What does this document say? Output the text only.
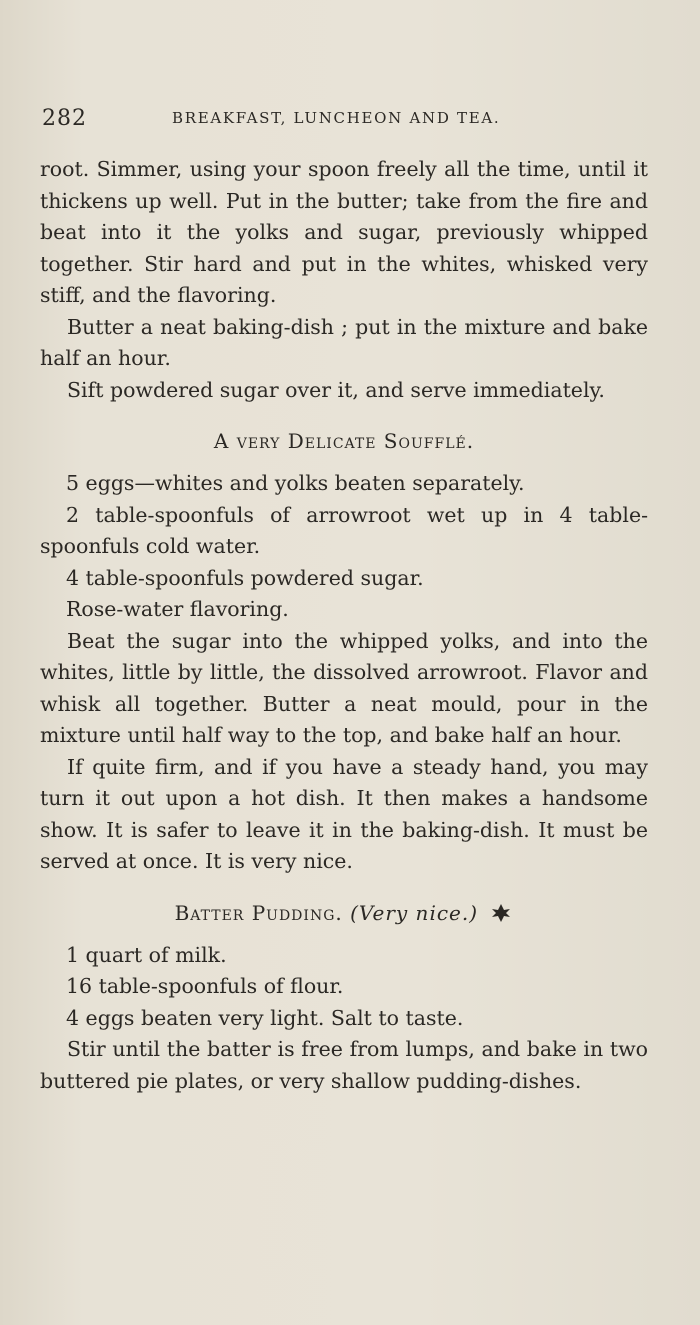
282	BREAKFAST, LUNCHEON AND TEA.

root. Simmer, using your spoon freely all the time, until it thickens up well. Put in the butter; take from the fire and beat into it the yolks and sugar, previously whipped together. Stir hard and put in the whites, whisked very stiff, and the flavoring.

Butter a neat baking-dish ; put in the mixture and bake half an hour.

Sift powdered sugar over it, and serve immediately.

A very Delicate Soufflé.

5 eggs—whites and yolks beaten separately.

2 table-spoonfuls of arrowroot wet up in 4 table-spoonfuls cold water.

4 table-spoonfuls powdered sugar.

Rose-water flavoring.

Beat the sugar into the whipped yolks, and into the whites, little by little, the dissolved arrowroot. Flavor and whisk all together. Butter a neat mould, pour in the mixture until half way to the top, and bake half an hour.

If quite firm, and if you have a steady hand, you may turn it out upon a hot dish. It then makes a handsome show. It is safer to leave it in the baking-dish. It must be served at once. It is very nice.

Batter Pudding. (Very nice.)

1 quart of milk.

16 table-spoonfuls of flour.

4 eggs beaten very light. Salt to taste.

Stir until the batter is free from lumps, and bake in two buttered pie plates, or very shallow pudding-dishes.
